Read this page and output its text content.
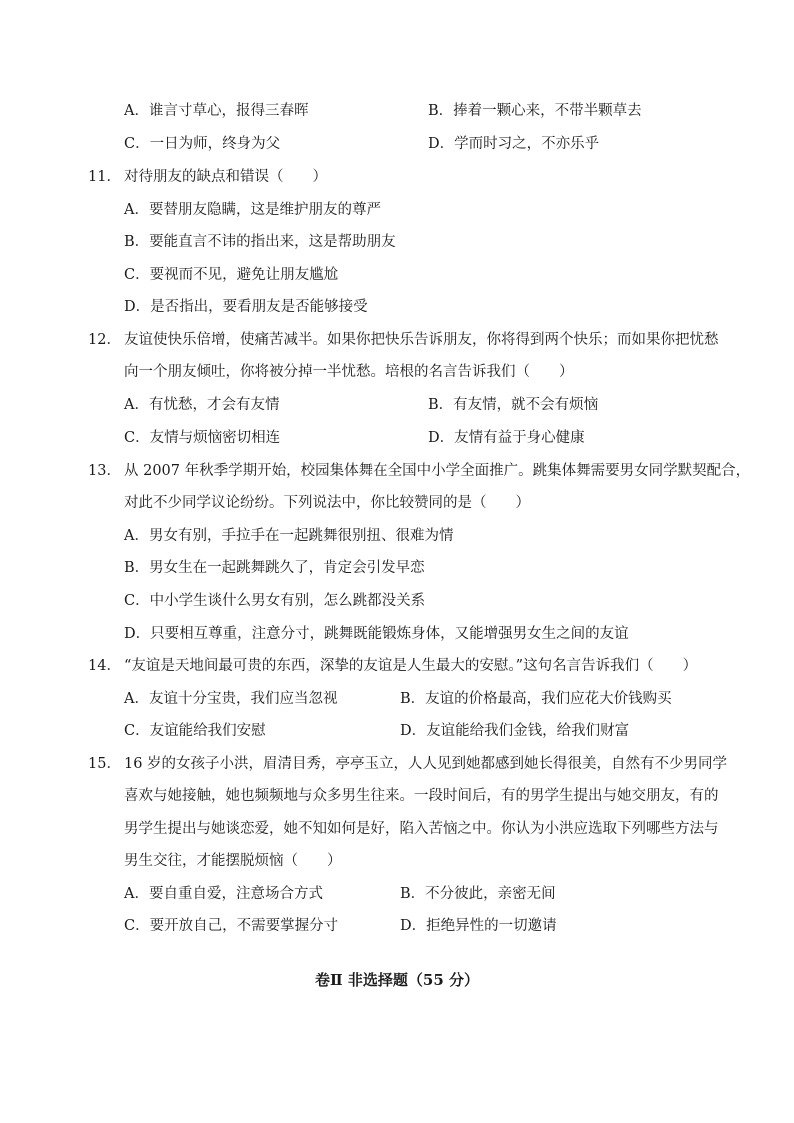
A．谁言寸草心，报得三春晖	B．捧着一颗心来，不带半颗草去
C．一日为师，终身为父	D．学而时习之，不亦乐乎
11． 对待朋友的缺点和错误（　　）
A．要替朋友隐瞒，这是维护朋友的尊严
B．要能直言不讳的指出来，这是帮助朋友
C．要视而不见，避免让朋友尴尬
D．是否指出，要看朋友是否能够接受
12． 友谊使快乐倍增，使痛苦减半。如果你把快乐告诉朋友，你将得到两个快乐；而如果你把忧愁
向一个朋友倾吐，你将被分掉一半忧愁。培根的名言告诉我们（　　）
A．有忧愁，才会有友情	B．有友情，就不会有烦恼
C．友情与烦恼密切相连	D．友情有益于身心健康
13． 从 2007 年秋季学期开始，校园集体舞在全国中小学全面推广。跳集体舞需要男女同学默契配合，
对此不少同学议论纷纷。下列说法中，你比较赞同的是（　　）
A．男女有别，手拉手在一起跳舞很别扭、很难为情
B．男女生在一起跳舞跳久了，肯定会引发早恋
C．中小学生谈什么男女有别，怎么跳都没关系
D．只要相互尊重，注意分寸，跳舞既能锻炼身体，又能增强男女生之间的友谊
14． “友谊是天地间最可贵的东西，深挚的友谊是人生最大的安慰。”这句名言告诉我们（　　）
A．友谊十分宝贵，我们应当忽视	B．友谊的价格最高，我们应花大价钱购买
C．友谊能给我们安慰	D．友谊能给我们金钱，给我们财富
15． 16 岁的女孩子小洪，眉清目秀，亭亭玉立，人人见到她都感到她长得很美，自然有不少男同学
喜欢与她接触，她也频频地与众多男生往来。一段时间后，有的男学生提出与她交朋友，有的
男学生提出与她谈恋爱，她不知如何是好，陷入苦恼之中。你认为小洪应选取下列哪些方法与
男生交往，才能摆脱烦恼（　　）
A．要自重自爱，注意场合方式	B．不分彼此，亲密无间
C．要开放自己，不需要掌握分寸	D．拒绝异性的一切邀请
卷Ⅱ 非选择题（55 分）
